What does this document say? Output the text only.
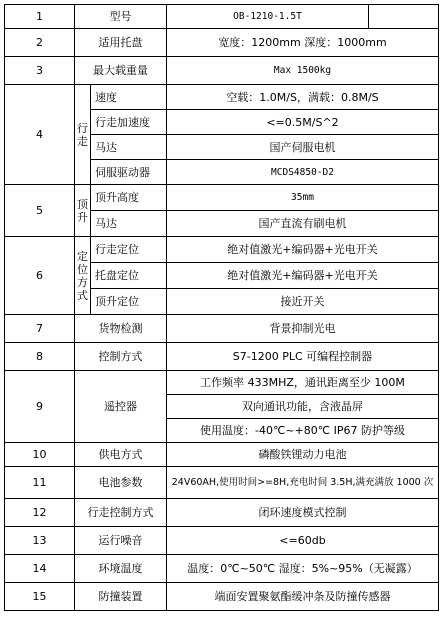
1	型号		OB-1210-1.5T	
2	适用托盘		宽度：1200mm 深度：1000mm	
3	最大载重量		Max 1500kg	
4	行走	速度	空载：1.0M/S，满载：0.8M/S	
		行走加速度	<=0.5M/S^2	
		马达	国产伺服电机	
		伺服驱动器	MCDS4850-D2	
5	顶升	顶升高度	35mm	
		马达	国产直流有刷电机	
6	定位方式	行走定位	绝对值激光+编码器+光电开关	
		托盘定位	绝对值激光+编码器+光电开关	
		顶升定位	接近开关	
7	货物检测		背景抑制光电	
8	控制方式		S7-1200 PLC 可编程控制器	
9	遥控器		工作频率 433MHZ，通讯距离至少 100M	
			双向通讯功能，含液晶屏	
			使用温度：-40℃~+80℃ IP67 防护等级	
10	供电方式		磷酸铁锂动力电池	
11	电池参数		24V60AH,使用时间>=8H,充电时间 3.5H,满充满放 1000 次	
12	行走控制方式		闭环速度模式控制	
13	运行噪音		<=60db	
14	环境温度		温度：0℃~50℃ 湿度：5%~95%（无凝露）	
15	防撞装置		端面安置聚氨酯缓冲条及防撞传感器	
